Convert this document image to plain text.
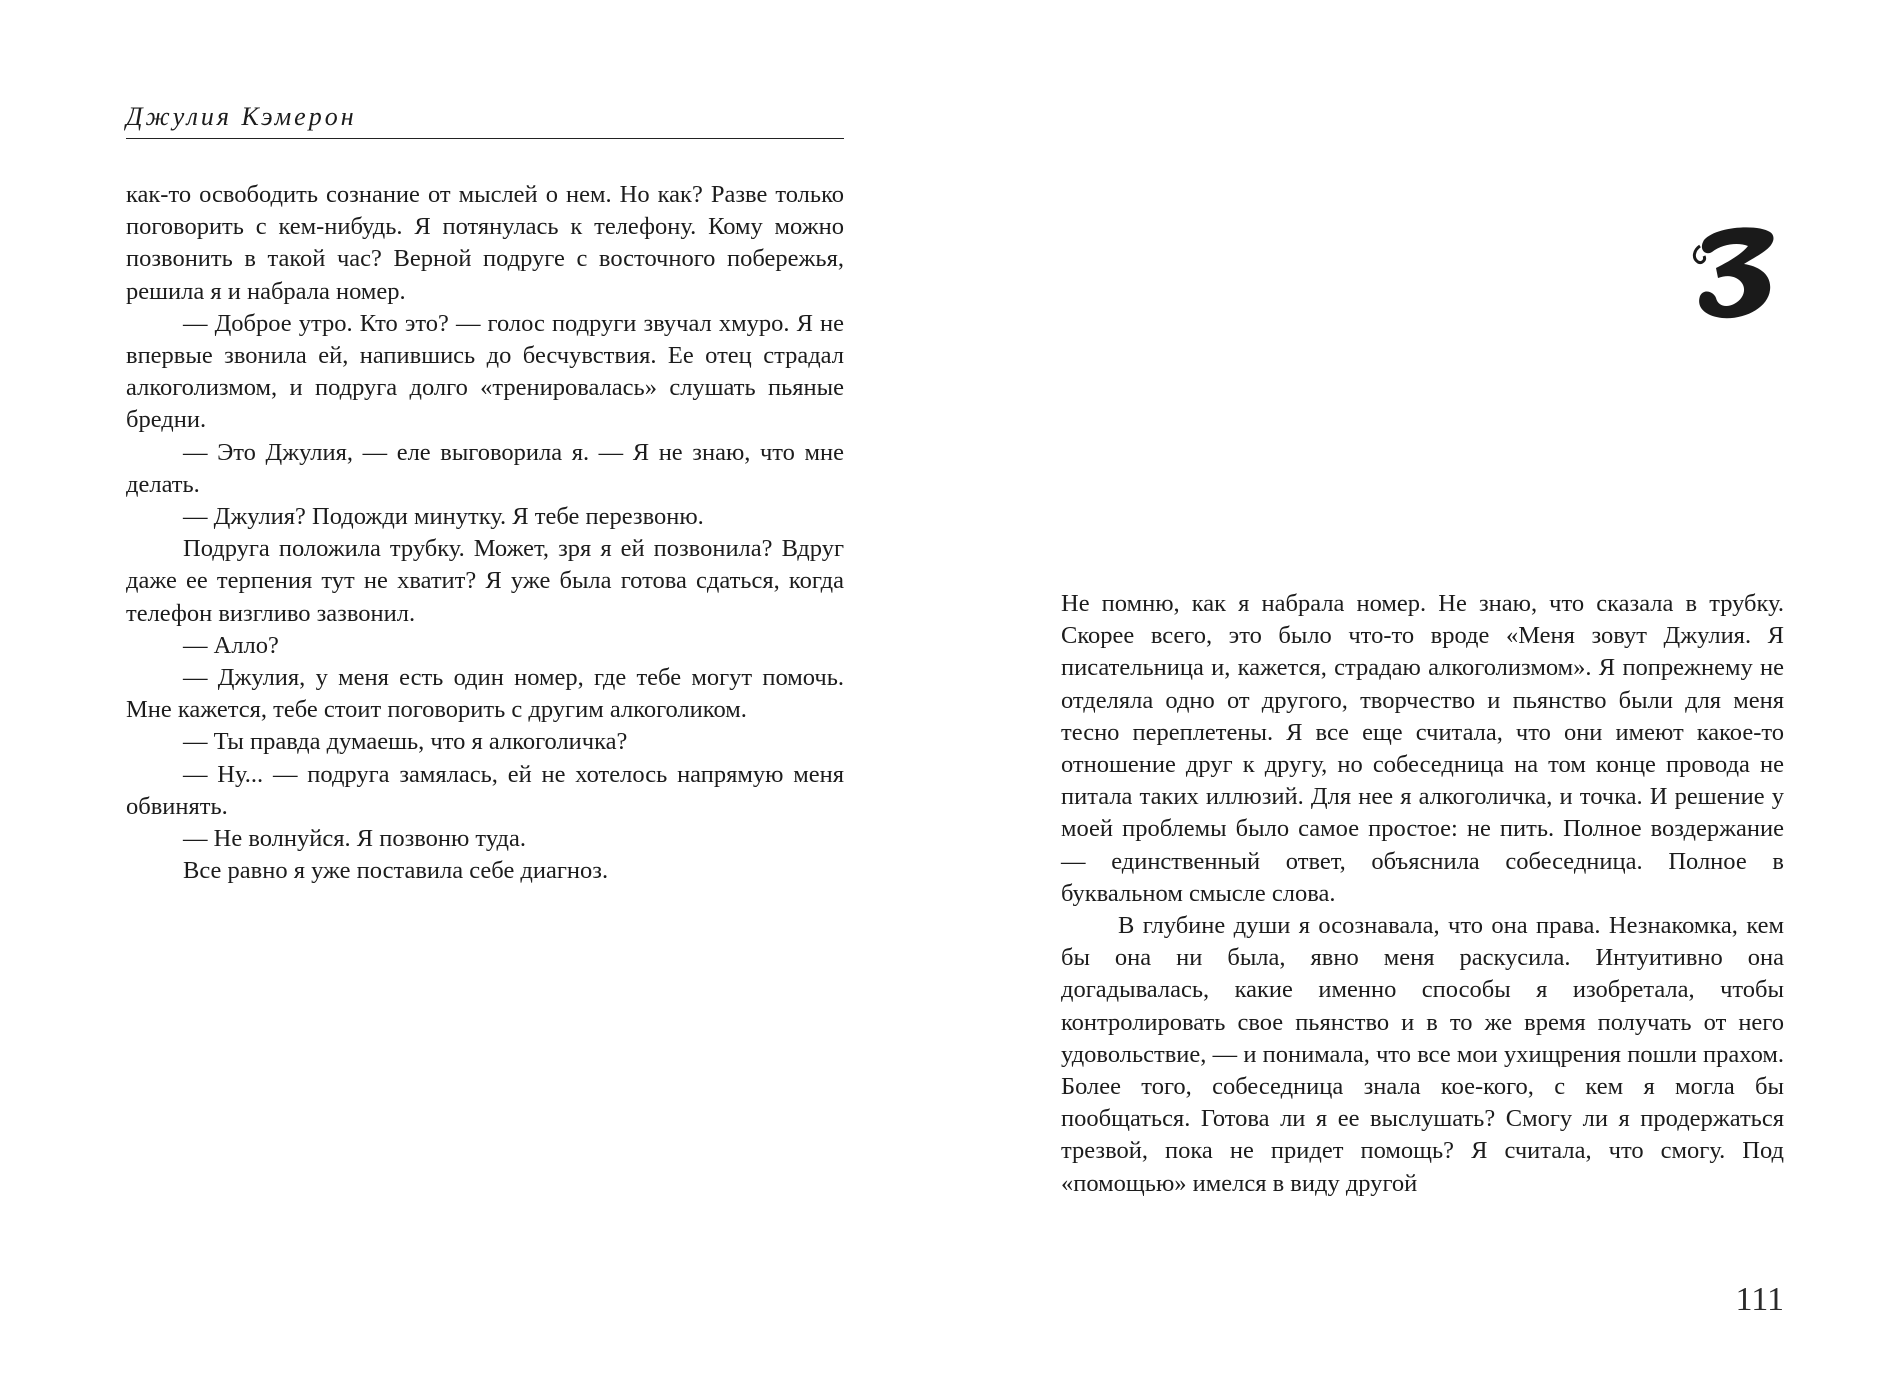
Джулия Кэмерон

как-то освободить сознание от мыслей о нем. Но как? Разве только поговорить с кем-нибудь. Я потянулась к телефону. Кому можно позвонить в такой час? Верной подруге с восточного побережья, решила я и набрала номер.

— Доброе утро. Кто это? — голос подруги звучал хмуро. Я не впервые звонила ей, напившись до бесчувствия. Ее отец страдал алкоголизмом, и подруга долго «тренировалась» слушать пьяные бредни.

— Это Джулия, — еле выговорила я. — Я не знаю, что мне делать.

— Джулия? Подожди минутку. Я тебе перезвоню.

Подруга положила трубку. Может, зря я ей позвонила? Вдруг даже ее терпения тут не хватит? Я уже была готова сдаться, когда телефон визгливо зазвонил.

— Алло?

— Джулия, у меня есть один номер, где тебе могут помочь. Мне кажется, тебе стоит поговорить с другим алкоголиком.

— Ты правда думаешь, что я алкоголичка?

— Ну... — подруга замялась, ей не хотелось напрямую меня обвинять.

— Не волнуйся. Я позвоню туда.

Все равно я уже поставила себе диагноз.

Не помню, как я набрала номер. Не знаю, что сказала в трубку. Скорее всего, это было что-то вроде «Меня зовут Джулия. Я писательница и, кажется, страдаю алкоголизмом». Я попрежнему не отделяла одно от другого, творчество и пьянство были для меня тесно переплетены. Я все еще считала, что они имеют какое-то отношение друг к другу, но собеседница на том конце провода не питала таких иллюзий. Для нее я алкоголичка, и точка. И решение у моей проблемы было самое простое: не пить. Полное воздержание — единственный ответ, объяснила собеседница. Полное в буквальном смысле слова.

В глубине души я осознавала, что она права. Незнакомка, кем бы она ни была, явно меня раскусила. Интуитивно она догадывалась, какие именно способы я изобретала, чтобы контролировать свое пьянство и в то же время получать от него удовольствие, — и понимала, что все мои ухищрения пошли прахом. Более того, собеседница знала кое-кого, с кем я могла бы пообщаться. Готова ли я ее выслушать? Смогу ли я продержаться трезвой, пока не придет помощь? Я считала, что смогу. Под «помощью» имелся в виду другой

111
